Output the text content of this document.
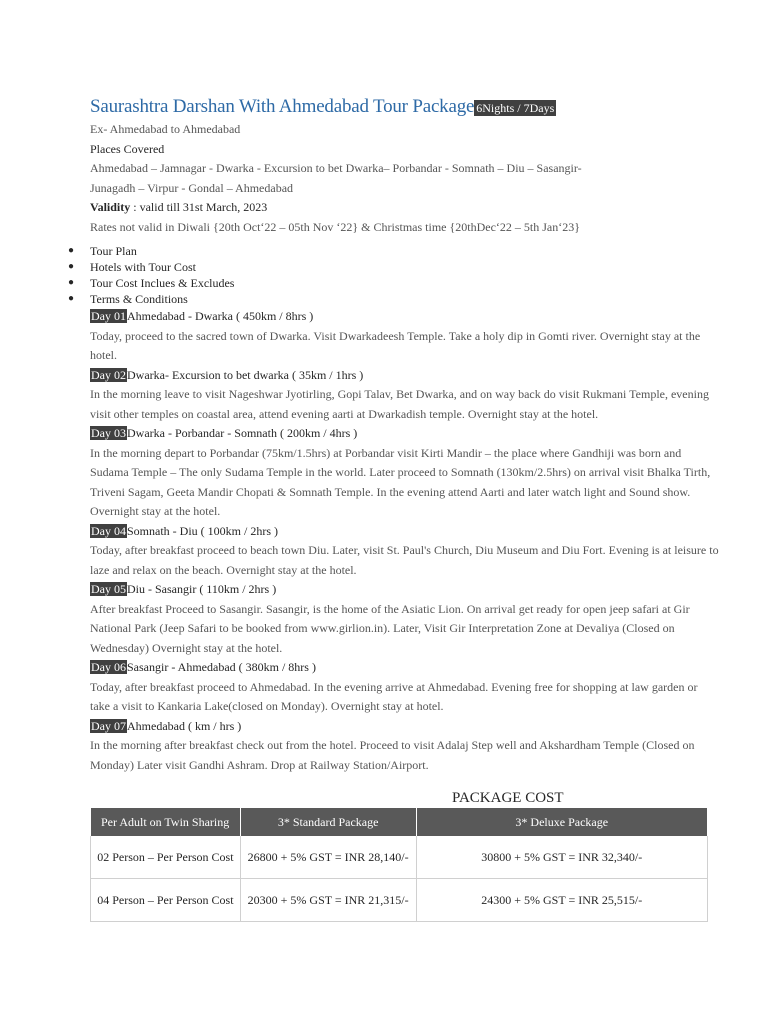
Saurashtra Darshan With Ahmedabad Tour Package 6Nights / 7Days
Ex- Ahmedabad to Ahmedabad
Places Covered
Ahmedabad – Jamnagar - Dwarka - Excursion to bet Dwarka– Porbandar - Somnath – Diu – Sasangir-
Junagadh – Virpur - Gondal – Ahmedabad
Validity : valid till 31st March, 2023
Rates not valid in Diwali {20th Oct‘22 – 05th Nov ‘22} & Christmas time {20thDec‘22 – 5th Jan‘23}
● Tour Plan
● Hotels with Tour Cost
● Tour Cost Inclues & Excludes
● Terms & Conditions
Day 01Ahmedabad - Dwarka ( 450km / 8hrs )
Today, proceed to the sacred town of Dwarka. Visit Dwarkadeesh Temple. Take a holy dip in Gomti river. Overnight stay at the hotel.
Day 02Dwarka- Excursion to bet dwarka ( 35km / 1hrs )
In the morning leave to visit Nageshwar Jyotirling, Gopi Talav, Bet Dwarka, and on way back do visit Rukmani Temple, evening visit other temples on coastal area, attend evening aarti at Dwarkadish temple. Overnight stay at the hotel.
Day 03Dwarka - Porbandar - Somnath ( 200km / 4hrs )
In the morning depart to Porbandar (75km/1.5hrs) at Porbandar visit Kirti Mandir – the place where Gandhiji was born and Sudama Temple – The only Sudama Temple in the world. Later proceed to Somnath (130km/2.5hrs) on arrival visit Bhalka Tirth, Triveni Sagam, Geeta Mandir Chopati & Somnath Temple. In the evening attend Aarti and later watch light and Sound show. Overnight stay at the hotel.
Day 04Somnath - Diu ( 100km / 2hrs )
Today, after breakfast proceed to beach town Diu. Later, visit St. Paul's Church, Diu Museum and Diu Fort. Evening is at leisure to laze and relax on the beach. Overnight stay at the hotel.
Day 05Diu - Sasangir ( 110km / 2hrs )
After breakfast Proceed to Sasangir. Sasangir, is the home of the Asiatic Lion. On arrival get ready for open jeep safari at Gir National Park (Jeep Safari to be booked from www.girlion.in). Later, Visit Gir Interpretation Zone at Devaliya (Closed on Wednesday) Overnight stay at the hotel.
Day 06Sasangir - Ahmedabad ( 380km / 8hrs )
Today, after breakfast proceed to Ahmedabad. In the evening arrive at Ahmedabad. Evening free for shopping at law garden or take a visit to Kankaria Lake(closed on Monday). Overnight stay at hotel.
Day 07Ahmedabad ( km / hrs )
In the morning after breakfast check out from the hotel. Proceed to visit Adalaj Step well and Akshardham Temple (Closed on Monday) Later visit Gandhi Ashram. Drop at Railway Station/Airport.
PACKAGE COST
Per Adult on Twin Sharing	3* Standard Package	3* Deluxe Package
02 Person – Per Person Cost	26800 + 5% GST = INR 28,140/-	30800 + 5% GST = INR 32,340/-
04 Person – Per Person Cost	20300 + 5% GST = INR 21,315/-	24300 + 5% GST = INR 25,515/-
